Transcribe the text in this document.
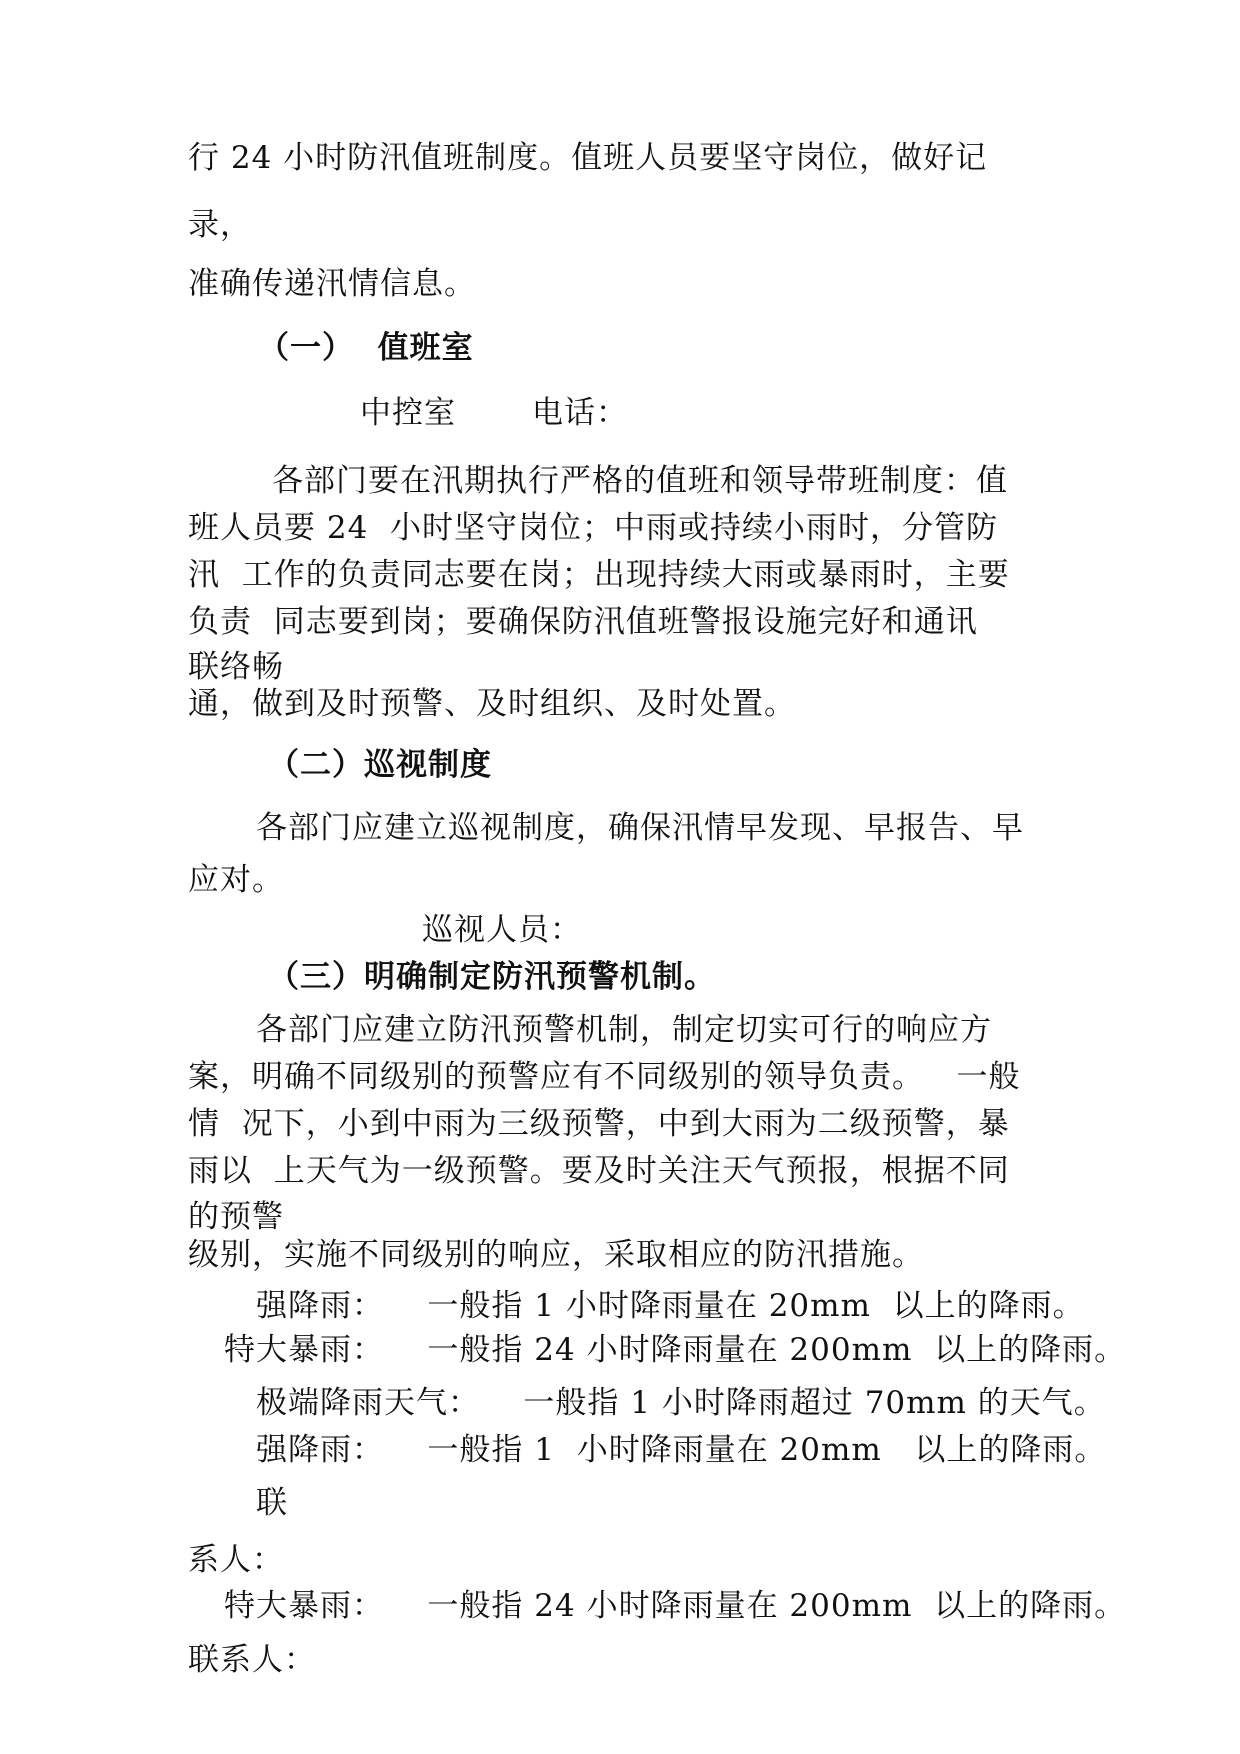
行 24 小时防汛值班制度。值班人员要坚守岗位，做好记
录，
准确传递汛情信息。
（一）  值班室
中控室       电话：
各部门要在汛期执行严格的值班和领导带班制度：值
班人员要 24  小时坚守岗位；中雨或持续小雨时，分管防
汛  工作的负责同志要在岗；出现持续大雨或暴雨时，主要
负责  同志要到岗；要确保防汛值班警报设施完好和通讯
联络畅
通，做到及时预警、及时组织、及时处置。
（二）巡视制度
各部门应建立巡视制度，确保汛情早发现、早报告、早
应对。
巡视人员：
（三）明确制定防汛预警机制。
各部门应建立防汛预警机制，制定切实可行的响应方
案，明确不同级别的预警应有不同级别的领导负责。   一般
情  况下，小到中雨为三级预警，中到大雨为二级预警，暴
雨以  上天气为一级预警。要及时关注天气预报，根据不同
的预警
级别，实施不同级别的响应，采取相应的防汛措施。
强降雨：    一般指 1 小时降雨量在 20mm  以上的降雨。
特大暴雨：    一般指 24 小时降雨量在 200mm  以上的降雨。
极端降雨天气：    一般指 1 小时降雨超过 70mm 的天气。
强降雨：    一般指 1  小时降雨量在 20mm   以上的降雨。
联
系人：
特大暴雨：    一般指 24 小时降雨量在 200mm  以上的降雨。
联系人：
